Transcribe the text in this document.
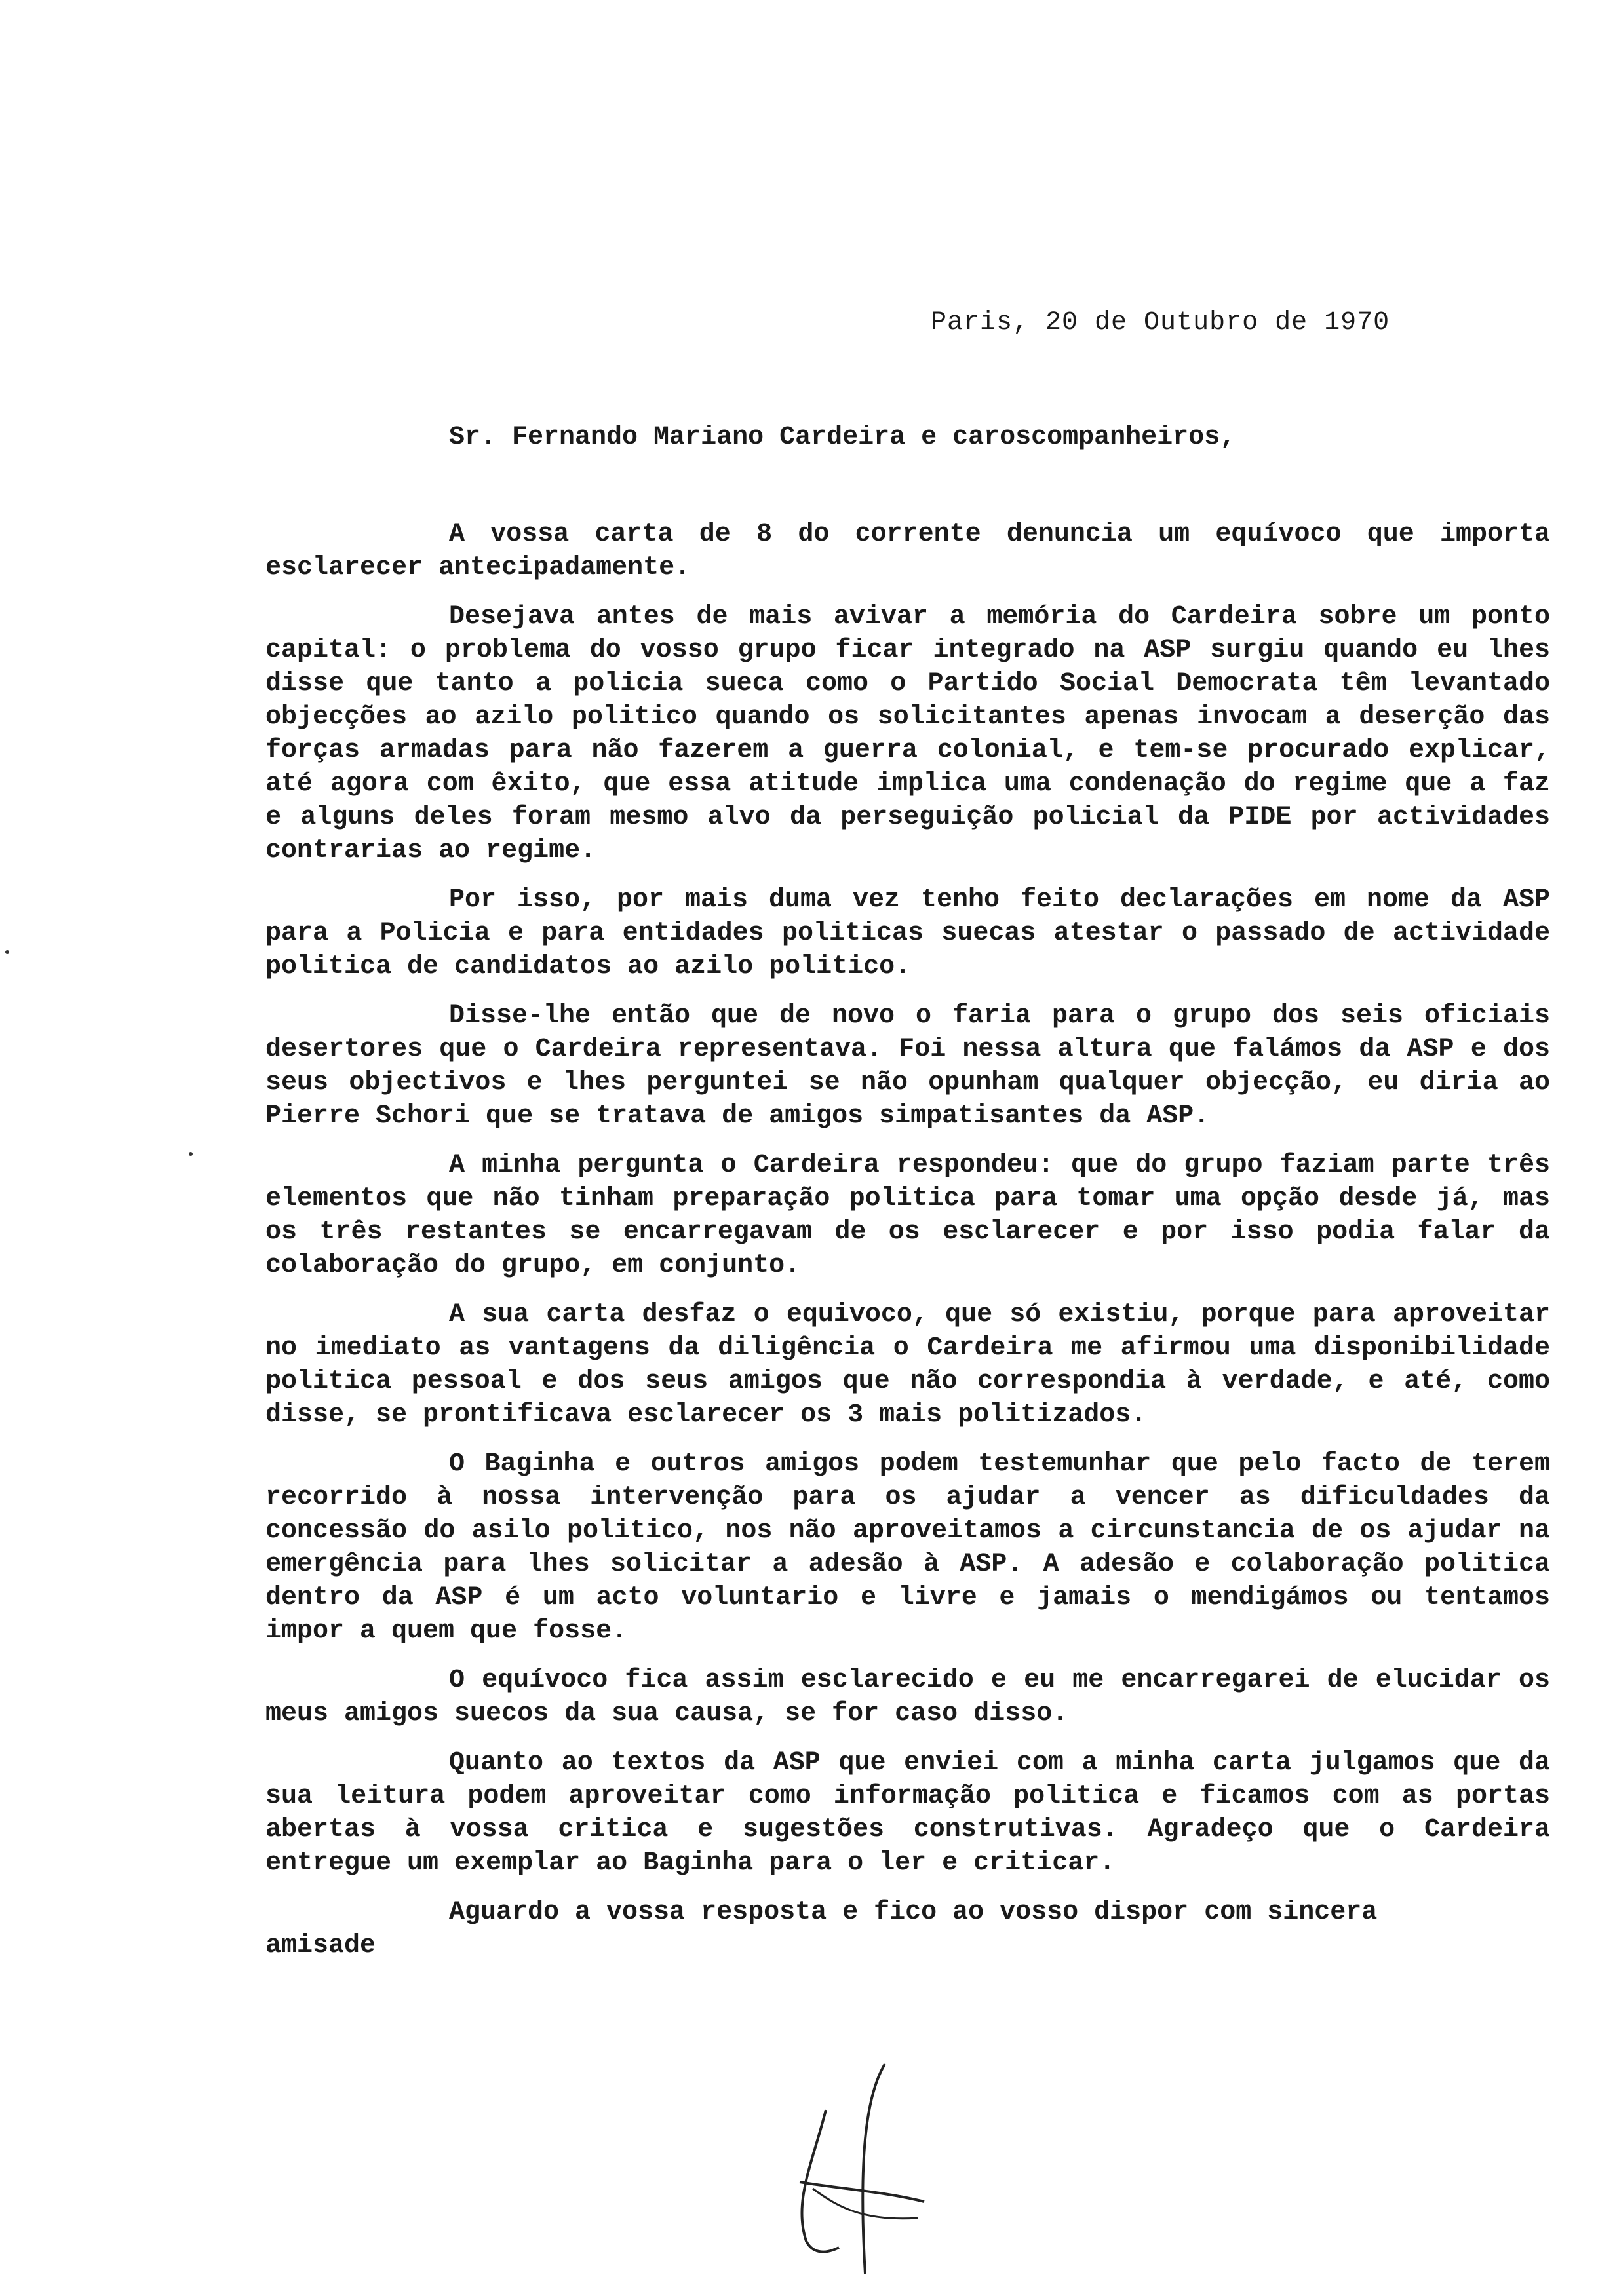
Paris, 20 de Outubro de 1970
Sr. Fernando Mariano Cardeira e caroscompanheiros,

A vossa carta de 8 do corrente denuncia um equívoco que importa esclarecer antecipadamente.

Desejava antes de mais avivar a memória do Cardeira sobre um ponto capital: o problema do vosso grupo ficar integrado na ASP surgiu quando eu lhes disse que tanto a policia sueca como o Partido Social Democrata têm levantado objecções ao azilo politico quando os solicitantes apenas invocam a deserção das forças armadas para não fazerem a guerra colonial, e tem-se procurado explicar, até agora com êxito, que essa atitude implica uma condenação do regime que a faz e alguns deles foram mesmo alvo da perseguição policial da PIDE por actividades contrarias ao regime.

Por isso, por mais duma vez tenho feito declarações em nome da ASP para a Policia e para entidades politicas suecas atestar o passado de actividade politica de candidatos ao azilo politico.

Disse-lhe então que de novo o faria para o grupo dos seis oficiais desertores que o Cardeira representava. Foi nessa altura que falámos da ASP e dos seus objectivos e lhes perguntei se não opunham qualquer objecção, eu diria ao Pierre Schori que se tratava de amigos simpatisantes da ASP.

A minha pergunta o Cardeira respondeu: que do grupo faziam parte três elementos que não tinham preparação politica para tomar uma opção desde já, mas os três restantes se encarregavam de os esclarecer e por isso podia falar da colaboração do grupo, em conjunto.

A sua carta desfaz o equivoco, que só existiu, porque para aproveitar no imediato as vantagens da diligência o Cardeira me afirmou uma disponibilidade politica pessoal e dos seus amigos que não correspondia à verdade, e até, como disse, se prontificava esclarecer os 3 mais politizados.

O Baginha e outros amigos podem testemunhar que pelo facto de terem recorrido à nossa intervenção para os ajudar a vencer as dificuldades da concessão do asilo politico, nos não aproveitamos a circunstancia de os ajudar na emergência para lhes solicitar a adesão à ASP. A adesão e colaboração politica dentro da ASP é um acto voluntario e livre e jamais o mendigámos ou tentamos impor a quem que fosse.

O equívoco fica assim esclarecido e eu me encarregarei de elucidar os meus amigos suecos da sua causa, se for caso disso.

Quanto ao textos da ASP que enviei com a minha carta julgamos que da sua leitura podem aproveitar como informação politica e ficamos com as portas abertas à vossa critica e sugestões construtivas. Agradeço que o Cardeira entregue um exemplar ao Baginha para o ler e criticar.

Aguardo a vossa resposta e fico ao vosso dispor com sincera

amisade
